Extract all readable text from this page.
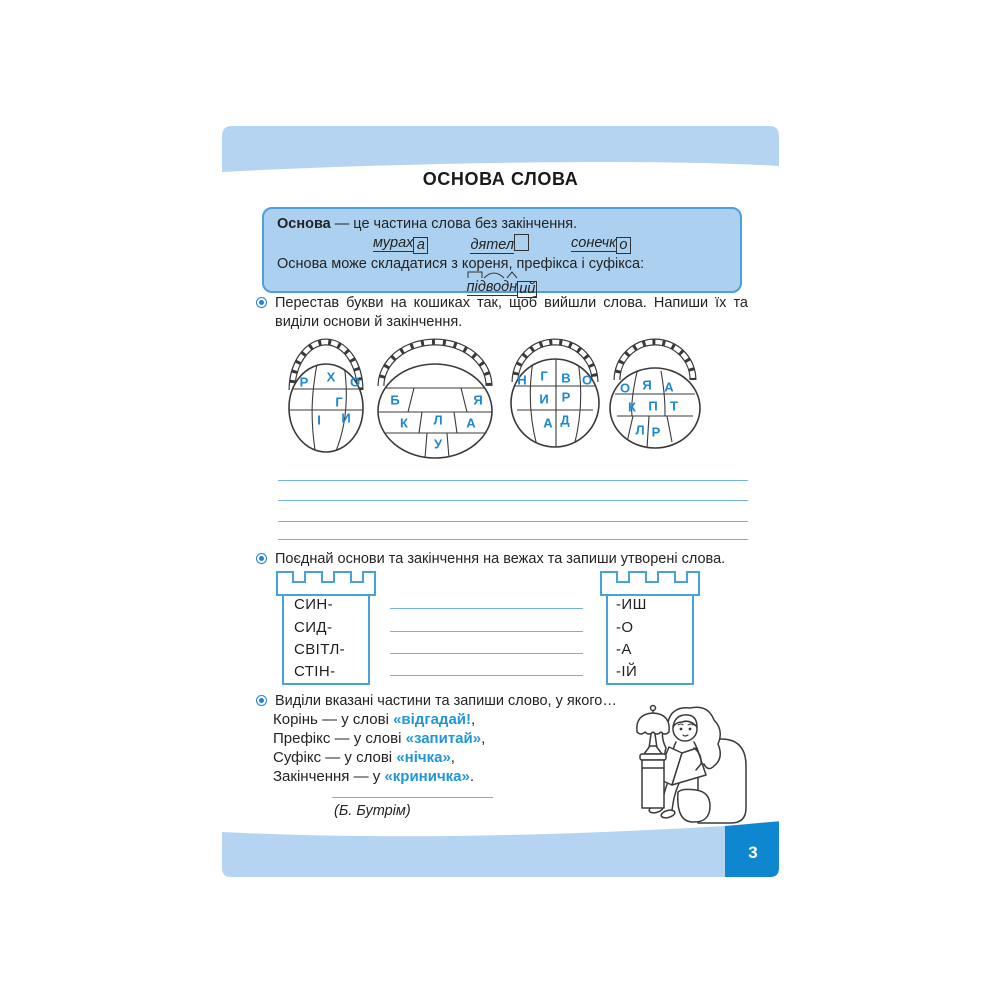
ОСНОВА СЛОВА
Основа — це частина слова без закінчення.
мурах а	дятел	сонечк о
Основа може складатися з кореня, префікса і суфікса:
підводн ий
Перестав букви на кошиках так, щоб вийшли слова. Напиши їх та виділи основи й закінчення.
Р Х О
Г
І И
Б	Я
К Л А
У
Н Г В О
И Р
А Д
О Я А
К П Т
Л Р
Поєднай основи та закінчення на вежах та запиши утворені слова.
СИН-
СИД-
СВІТЛ-
СТІН-
-ИШ
-О
-А
-ІЙ
Виділи вказані частини та запиши слово, у якого…
Корінь — у слові «відгадай!,
Префікс — у слові «запитай»,
Суфікс — у слові «нічка»,
Закінчення — у «криничка».
(Б. Бутрім)
3
